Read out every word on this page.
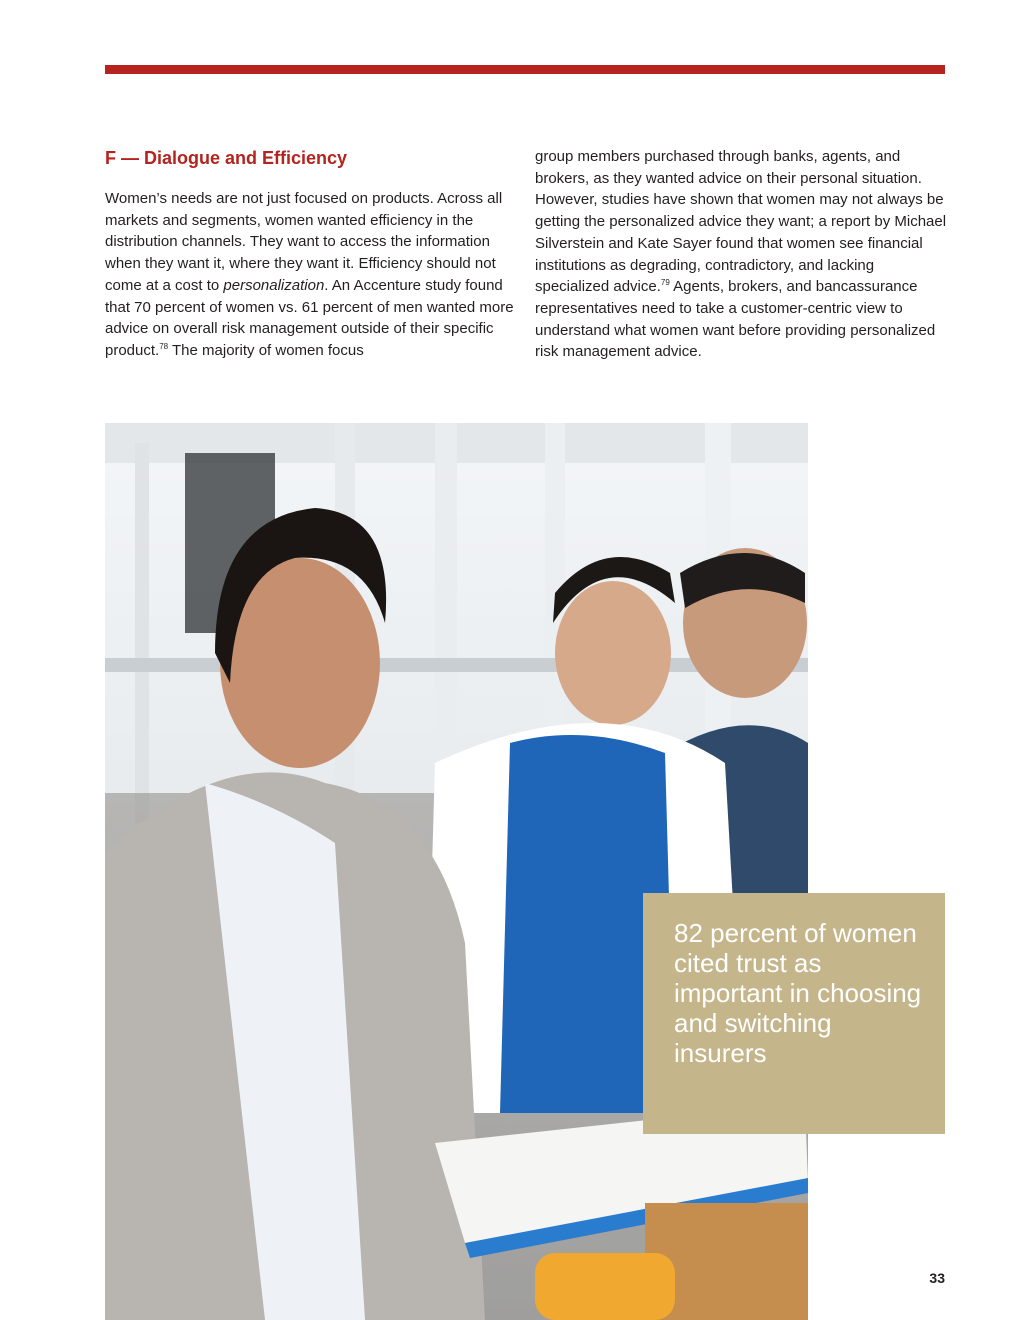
F — Dialogue and Efficiency

Women’s needs are not just focused on products. Across all markets and segments, women wanted efficiency in the distribution channels. They want to access the information when they want it, where they want it. Efficiency should not come at a cost to personalization. An Accenture study found that 70 percent of women vs. 61 percent of men wanted more advice on overall risk management outside of their specific product.$^{78}$ The majority of women focus

group members purchased through banks, agents, and brokers, as they wanted advice on their personal situation. However, studies have shown that women may not always be getting the personalized advice they want; a report by Michael Silverstein and Kate Sayer found that women see financial institutions as degrading, contradictory, and lacking specialized advice.$^{79}$ Agents, brokers, and bancassurance representatives need to take a customer-centric view to understand what women want before providing personalized risk management advice.

82 percent of women cited trust as important in choosing and switching insurers
33
